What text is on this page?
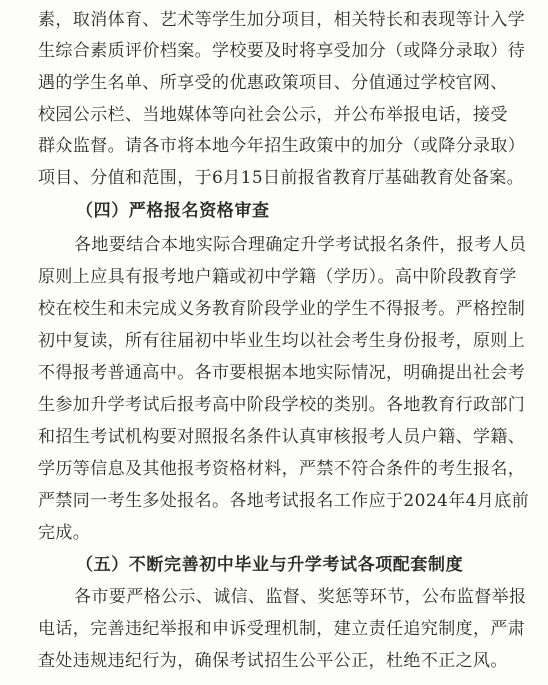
素，取消体育、艺术等学生加分项目，相关特长和表现等计入学
生综合素质评价档案。学校要及时将享受加分（或降分录取）待
遇的学生名单、所享受的优惠政策项目、分值通过学校官网、
校园公示栏、当地媒体等向社会公示，并公布举报电话，接受
群众监督。请各市将本地今年招生政策中的加分（或降分录取）
项目、分值和范围，于6月15日前报省教育厅基础教育处备案。
（四）严格报名资格审查
各地要结合本地实际合理确定升学考试报名条件，报考人员
原则上应具有报考地户籍或初中学籍（学历）。高中阶段教育学
校在校生和未完成义务教育阶段学业的学生不得报考。严格控制
初中复读，所有往届初中毕业生均以社会考生身份报考，原则上
不得报考普通高中。各市要根据本地实际情况，明确提出社会考
生参加升学考试后报考高中阶段学校的类别。各地教育行政部门
和招生考试机构要对照报名条件认真审核报考人员户籍、学籍、
学历等信息及其他报考资格材料，严禁不符合条件的考生报名，
严禁同一考生多处报名。各地考试报名工作应于2024年4月底前
完成。
（五）不断完善初中毕业与升学考试各项配套制度
各市要严格公示、诚信、监督、奖惩等环节，公布监督举报
电话，完善违纪举报和申诉受理机制，建立责任追究制度，严肃
查处违规违纪行为，确保考试招生公平公正，杜绝不正之风。
